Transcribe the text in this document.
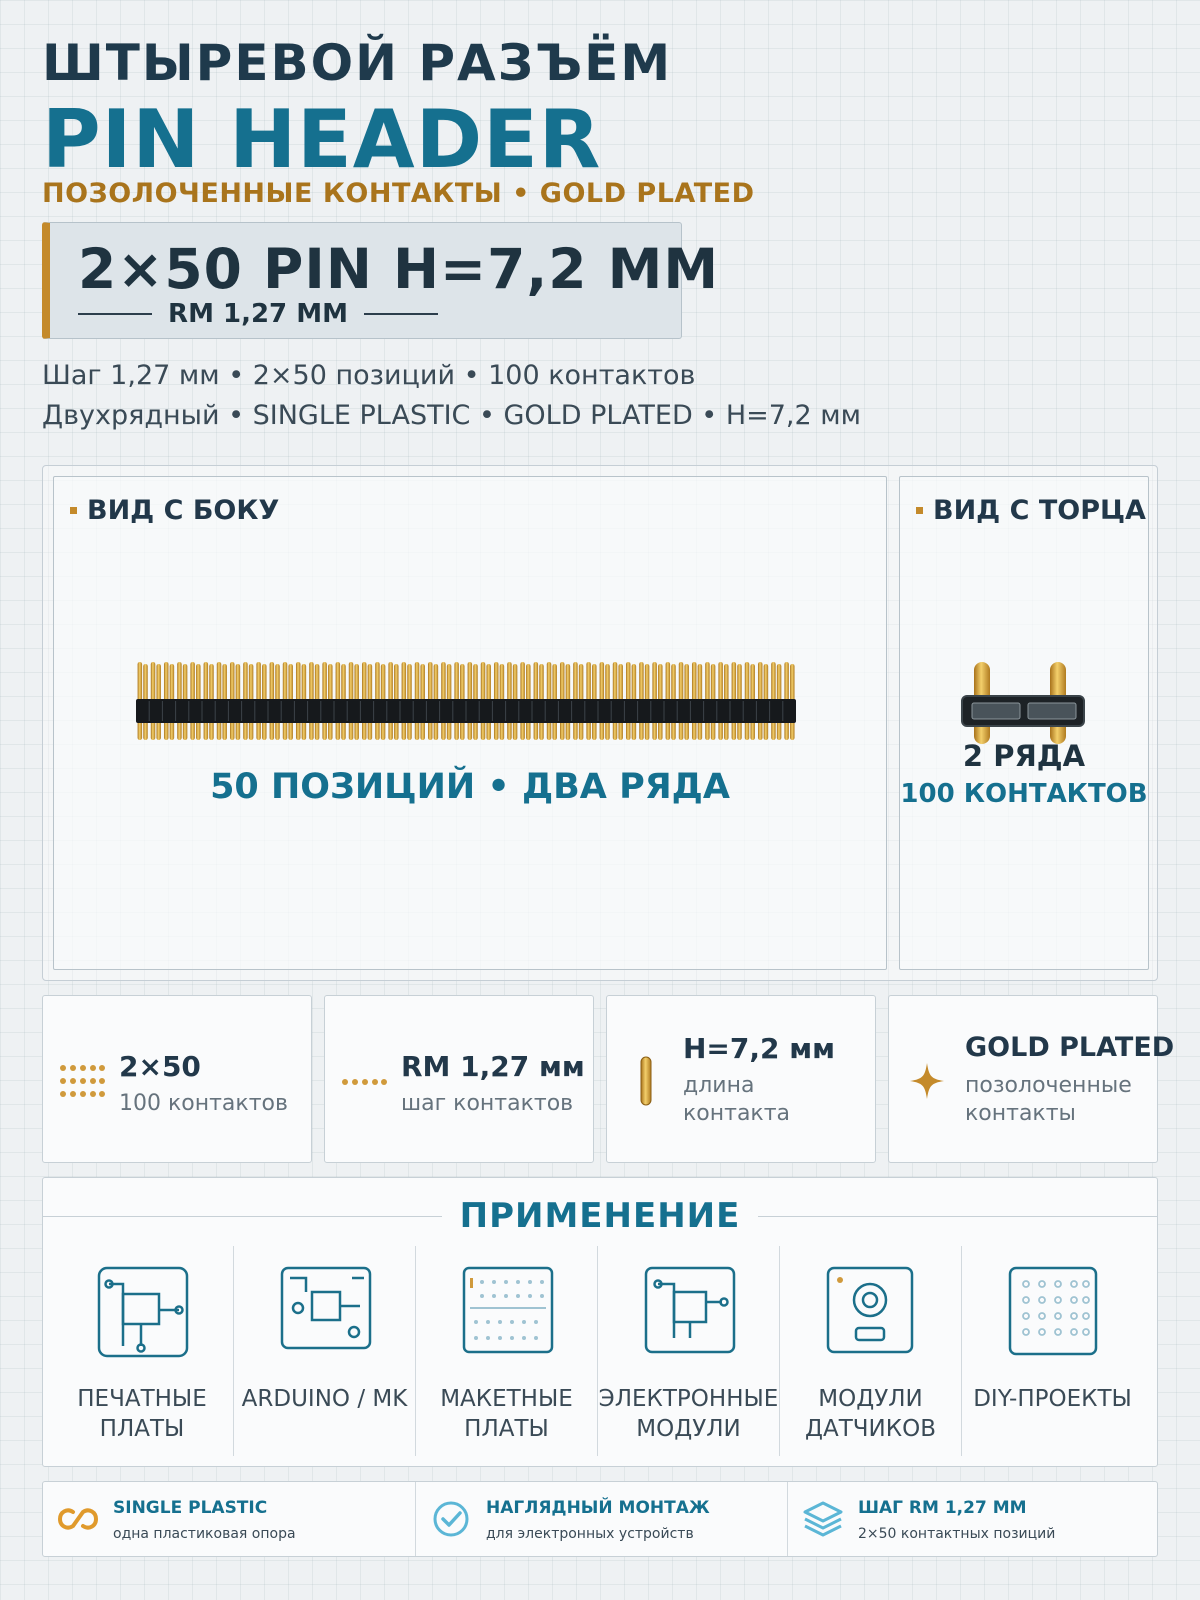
ШТЫРЕВОЙ РАЗЪЁМ
PIN HEADER
ПОЗОЛОЧЕННЫЕ КОНТАКТЫ • GOLD PLATED
2×50 PIN H=7,2 MM
RM 1,27 MM
Шаг 1,27 мм • 2×50 позиций • 100 контактов
Двухрядный • SINGLE PLASTIC • GOLD PLATED • H=7,2 мм
ВИД С БОКУ
50 ПОЗИЦИЙ • ДВА РЯДА
ВИД С ТОРЦА
2 РЯДА
100 КОНТАКТОВ
2×50
100 контактов
RM 1,27 мм
шаг контактов
H=7,2 мм
длина контакта
GOLD PLATED
позолоченные контакты
ПРИМЕНЕНИЕ
ПЕЧАТНЫЕ ПЛАТЫ
ARDUINO / MK	МАКЕТНЫЕ ПЛАТЫ
ЭЛЕКТРОННЫЕ МОДУЛИ
МОДУЛИ ДАТЧИКОВ
DIY-ПРОЕКТЫ
SINGLE PLASTIC
одна пластиковая опора
НАГЛЯДНЫЙ МОНТАЖ
для электронных устройств
ШАГ RM 1,27 MM
2×50 контактных позиций
